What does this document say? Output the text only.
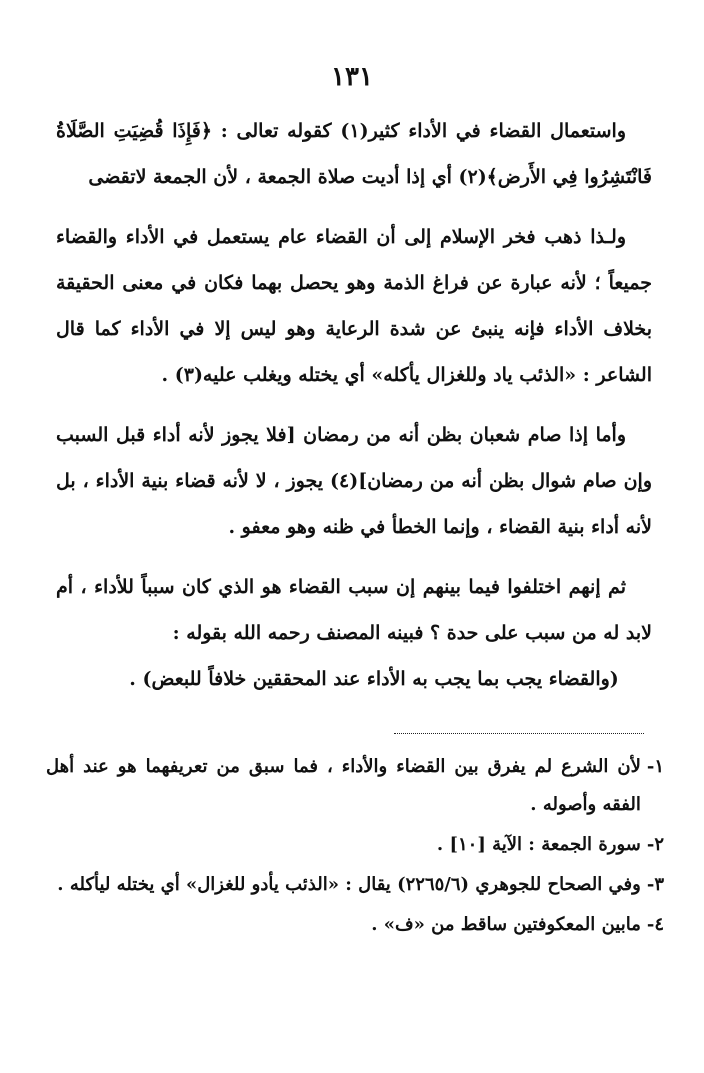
١٣١

واستعمال القضاء في الأداء كثير(١) كقوله تعالى : ﴿فَإِذَا قُضِيَتِ الصَّلَاةُ فَانْتَشِرُوا فِي الأَرض﴾(٢) أي إذا أديت صلاة الجمعة ، لأن الجمعة لاتقضى

ولـذا ذهب فخر الإسلام إلى أن القضاء عام يستعمل في الأداء والقضاء جميعاً ؛ لأنه عبارة عن فراغ الذمة وهو يحصل بهما فكان في معنى الحقيقة بخلاف الأداء فإنه ينبئ عن شدة الرعاية وهو ليس إلا في الأداء كما قال الشاعر : «الذئب ياد وللغزال يأكله» أي يختله ويغلب عليه(٣) .

وأما إذا صام شعبان بظن أنه من رمضان [فلا يجوز لأنه أداء قبل السبب وإن صام شوال بظن أنه من رمضان](٤) يجوز ، لا لأنه قضاء بنية الأداء ، بل لأنه أداء بنية القضاء ، وإنما الخطأ في ظنه وهو معفو .

ثم إنهم اختلفوا فيما بينهم إن سبب القضاء هو الذي كان سبباً للأداء ، أم لابد له من سبب على حدة ؟ فبينه المصنف رحمه الله بقوله :

(والقضاء يجب بما يجب به الأداء عند المحققين خلافاً للبعض) .

١-
لأن الشرع لم يفرق بين القضاء والأداء ، فما سبق من تعريفهما هو عند أهل الفقه وأصوله .
٢-
سورة الجمعة : الآية [١٠] .
٣-
وفي الصحاح للجوهري (٢٢٦٥/٦) يقال : «الذئب يأدو للغزال» أي يختله ليأكله .
٤-
مابين المعكوفتين ساقط من «ف» .
